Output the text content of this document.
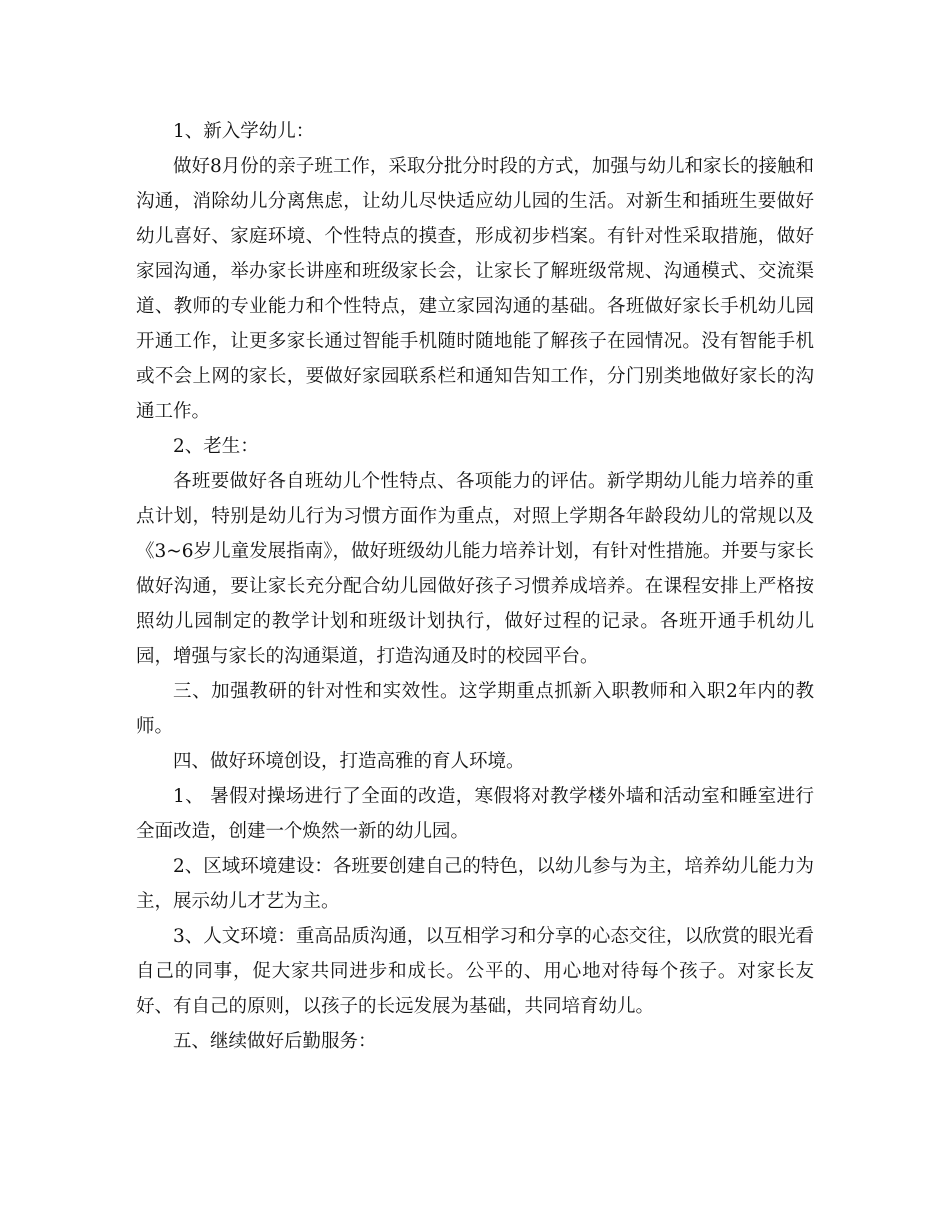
1、新入学幼儿：

做好8月份的亲子班工作，采取分批分时段的方式，加强与幼儿和家长的接触和沟通，消除幼儿分离焦虑，让幼儿尽快适应幼儿园的生活。对新生和插班生要做好幼儿喜好、家庭环境、个性特点的摸查，形成初步档案。有针对性采取措施，做好家园沟通，举办家长讲座和班级家长会，让家长了解班级常规、沟通模式、交流渠道、教师的专业能力和个性特点，建立家园沟通的基础。各班做好家长手机幼儿园开通工作，让更多家长通过智能手机随时随地能了解孩子在园情况。没有智能手机或不会上网的家长，要做好家园联系栏和通知告知工作，分门别类地做好家长的沟通工作。

2、老生：

各班要做好各自班幼儿个性特点、各项能力的评估。新学期幼儿能力培养的重点计划，特别是幼儿行为习惯方面作为重点，对照上学期各年龄段幼儿的常规以及《3~6岁儿童发展指南》，做好班级幼儿能力培养计划，有针对性措施。并要与家长做好沟通，要让家长充分配合幼儿园做好孩子习惯养成培养。在课程安排上严格按照幼儿园制定的教学计划和班级计划执行，做好过程的记录。各班开通手机幼儿园，增强与家长的沟通渠道，打造沟通及时的校园平台。

三、加强教研的针对性和实效性。这学期重点抓新入职教师和入职2年内的教师。

四、做好环境创设，打造高雅的育人环境。

1、 暑假对操场进行了全面的改造，寒假将对教学楼外墙和活动室和睡室进行全面改造，创建一个焕然一新的幼儿园。

2、区域环境建设：各班要创建自己的特色，以幼儿参与为主，培养幼儿能力为主，展示幼儿才艺为主。

3、人文环境：重高品质沟通，以互相学习和分享的心态交往，以欣赏的眼光看自己的同事，促大家共同进步和成长。公平的、用心地对待每个孩子。对家长友好、有自己的原则，以孩子的长远发展为基础，共同培育幼儿。

五、继续做好后勤服务：
